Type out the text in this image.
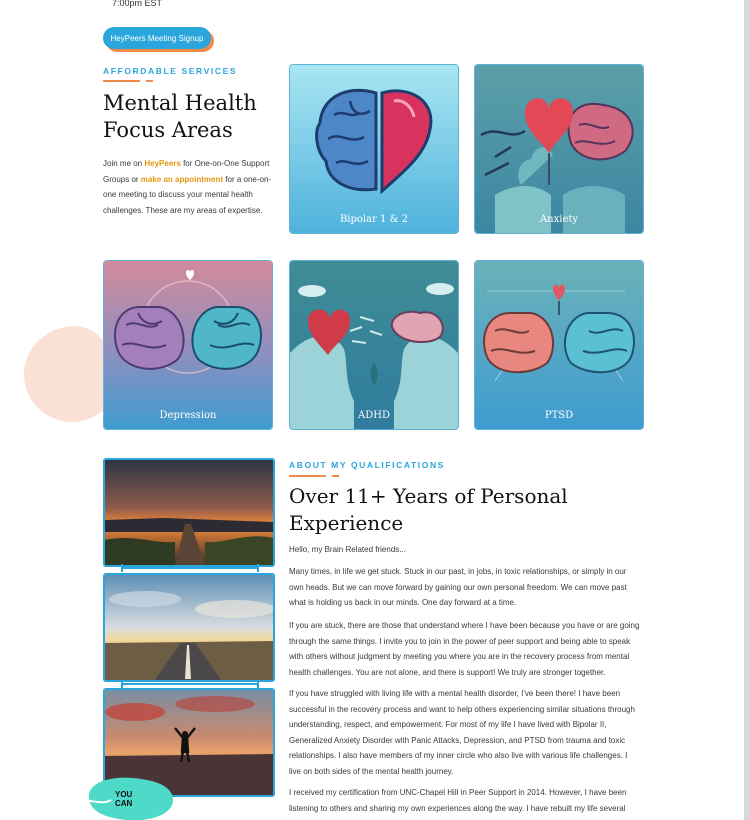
7:00pm EST
HeyPeers Meeting Signup
AFFORDABLE SERVICES
Mental Health
Focus Areas
Join me on HeyPeers for One-on-One Support
Groups or make an appointment for a one-on-
one meeting to discuss your mental health
challenges. These are my areas of expertise.
Bipolar 1 & 2	Anxiety
Depression	ADHD	PTSD
YOU
CAN
ABOUT MY QUALIFICATIONS
Over 11+ Years of Personal
Experience
Hello, my Brain Related friends...
Many times, in life we get stuck. Stuck in our past, in jobs, in toxic relationships, or simply in our
own heads. But we can move forward by gaining our own personal freedom. We can move past
what is holding us back in our minds. One day forward at a time.
If you are stuck, there are those that understand where I have been because you have or are going
through the same things. I invite you to join in the power of peer support and being able to speak
with others without judgment by meeting you where you are in the recovery process from mental
health challenges. You are not alone, and there is support! We truly are stronger together.
If you have struggled with living life with a mental health disorder, I've been there! I have been
successful in the recovery process and want to help others experiencing similar situations through
understanding, respect, and empowerment. For most of my life I have lived with Bipolar II,
Generalized Anxiety Disorder with Panic Attacks, Depression, and PTSD from trauma and toxic
relationships. I also have members of my inner circle who also live with various life challenges. I
live on both sides of the mental health journey.
I received my certification from UNC-Chapel Hill in Peer Support in 2014. However, I have been
listening to others and sharing my own experiences along the way. I have rebuilt my life several
